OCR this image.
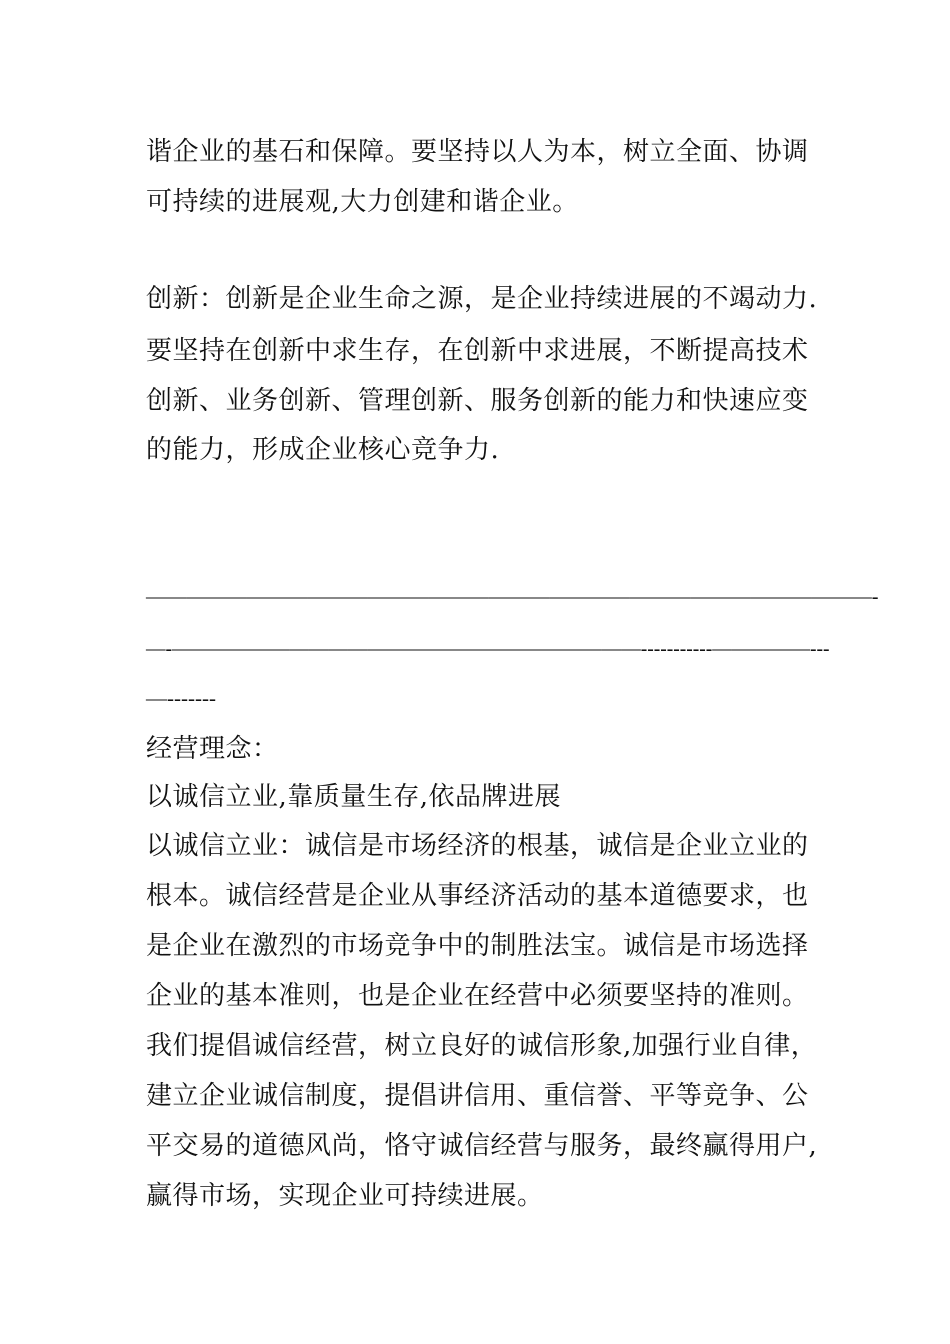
谐企业的基石和保障。要坚持以人为本，树立全面、协调
可持续的进展观,大力创建和谐企业。
创新：创新是企业生命之源，是企业持续进展的不竭动力.
要坚持在创新中求生存，在创新中求进展，不断提高技术
创新、业务创新、管理创新、服务创新的能力和快速应变
的能力，形成企业核心竞争力.
————————————————————————————————————-
—-————————————————————————-----------—————---
—-------
经营理念：
以诚信立业,靠质量生存,依品牌进展
以诚信立业：诚信是市场经济的根基，诚信是企业立业的
根本。诚信经营是企业从事经济活动的基本道德要求，也
是企业在激烈的市场竞争中的制胜法宝。诚信是市场选择
企业的基本准则，也是企业在经营中必须要坚持的准则。
我们提倡诚信经营，树立良好的诚信形象,加强行业自律，
建立企业诚信制度，提倡讲信用、重信誉、平等竞争、公
平交易的道德风尚，恪守诚信经营与服务，最终赢得用户,
赢得市场，实现企业可持续进展。
